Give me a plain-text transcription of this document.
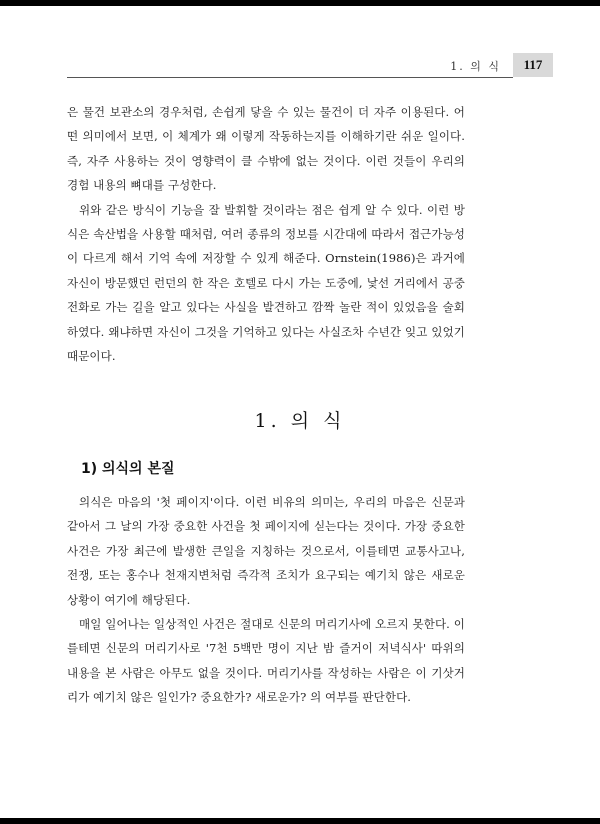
1. 의 식	117

은 물건 보관소의 경우처럼, 손쉽게 닿을 수 있는 물건이 더 자주 이용된다. 어떤 의미에서 보면, 이 체계가 왜 이렇게 작동하는지를 이해하기란 쉬운 일이다. 즉, 자주 사용하는 것이 영향력이 클 수밖에 없는 것이다. 이런 것들이 우리의 경험 내용의 뼈대를 구성한다.

위와 같은 방식이 기능을 잘 발휘할 것이라는 점은 쉽게 알 수 있다. 이런 방식은 속산법을 사용할 때처럼, 여러 종류의 정보를 시간대에 따라서 접근가능성이 다르게 해서 기억 속에 저장할 수 있게 해준다. Ornstein(1986)은 과거에 자신이 방문했던 런던의 한 작은 호텔로 다시 가는 도중에, 낯선 거리에서 공중전화로 가는 길을 알고 있다는 사실을 발견하고 깜짝 놀란 적이 있었음을 술회하였다. 왜냐하면 자신이 그것을 기억하고 있다는 사실조차 수년간 잊고 있었기 때문이다.

1. 의 식
1) 의식의 본질

의식은 마음의 '첫 페이지'이다. 이런 비유의 의미는, 우리의 마음은 신문과 같아서 그 날의 가장 중요한 사건을 첫 페이지에 싣는다는 것이다. 가장 중요한 사건은 가장 최근에 발생한 큰일을 지칭하는 것으로서, 이를테면 교통사고나, 전쟁, 또는 홍수나 천재지변처럼 즉각적 조치가 요구되는 예기치 않은 새로운 상황이 여기에 해당된다.

매일 일어나는 일상적인 사건은 절대로 신문의 머리기사에 오르지 못한다. 이를테면 신문의 머리기사로 '7천 5백만 명이 지난 밤 즐거이 저녁식사' 따위의 내용을 본 사람은 아무도 없을 것이다. 머리기사를 작성하는 사람은 이 기삿거리가 예기치 않은 일인가? 중요한가? 새로운가? 의 여부를 판단한다.
